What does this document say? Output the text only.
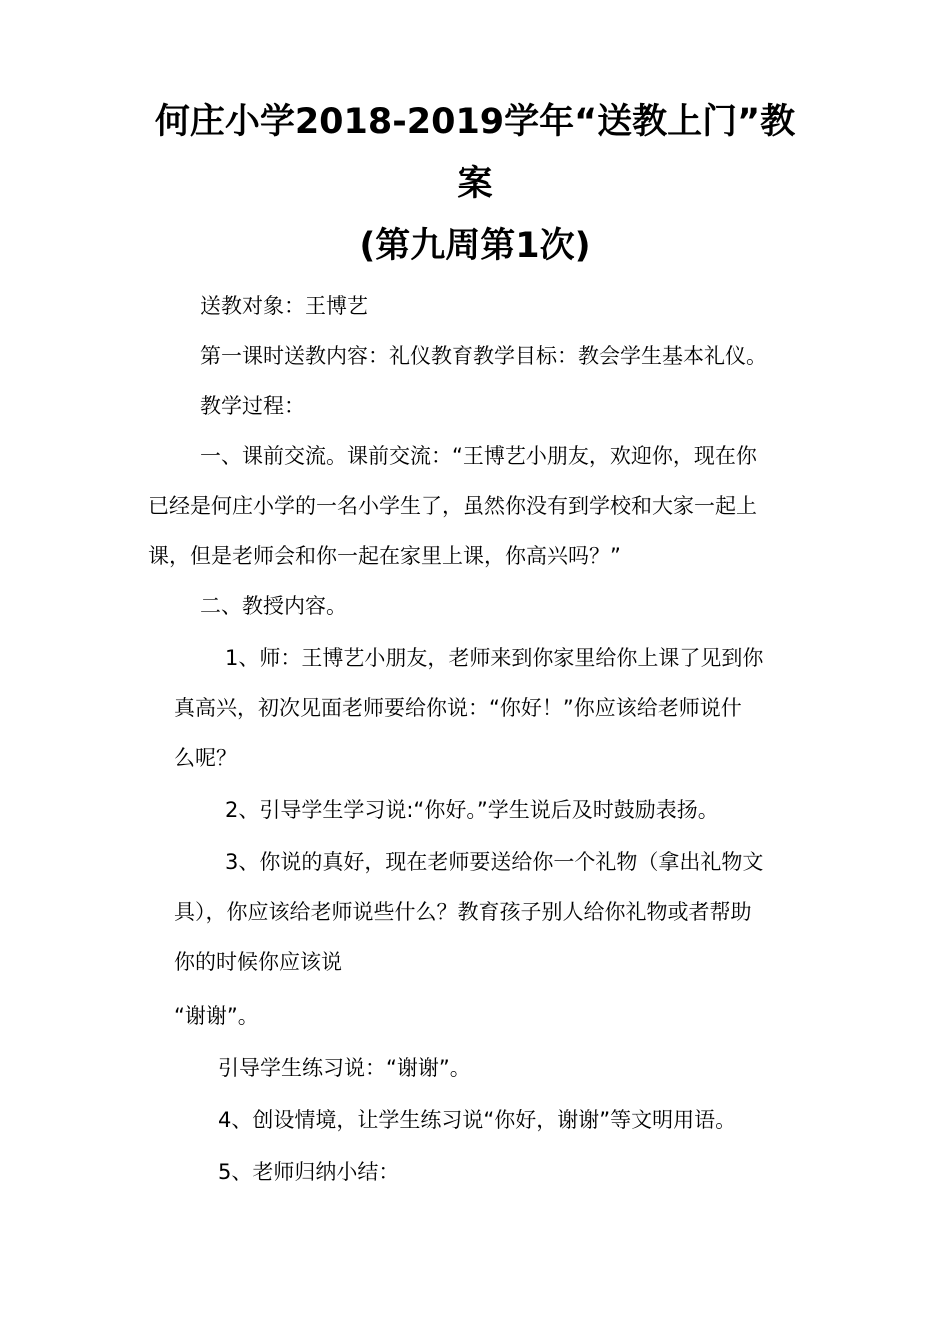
何庄小学2018-2019学年“送教上门”教
案
(第九周第1次)

送教对象：王博艺

第一课时送教内容：礼仪教育教学目标：教会学生基本礼仪。

教学过程：

一、课前交流。课前交流：“王博艺小朋友，欢迎你，现在你

已经是何庄小学的一名小学生了，虽然你没有到学校和大家一起上

课，但是老师会和你一起在家里上课，你高兴吗？”

二、教授内容。

1、师：王博艺小朋友，老师来到你家里给你上课了见到你

真高兴，初次见面老师要给你说：“你好！”你应该给老师说什

么呢？

2、引导学生学习说:“你好。”学生说后及时鼓励表扬。

3、你说的真好，现在老师要送给你一个礼物（拿出礼物文

具），你应该给老师说些什么？教育孩子别人给你礼物或者帮助

你的时候你应该说

“谢谢”。

引导学生练习说：“谢谢”。

4、创设情境，让学生练习说“你好，谢谢”等文明用语。

5、老师归纳小结：
